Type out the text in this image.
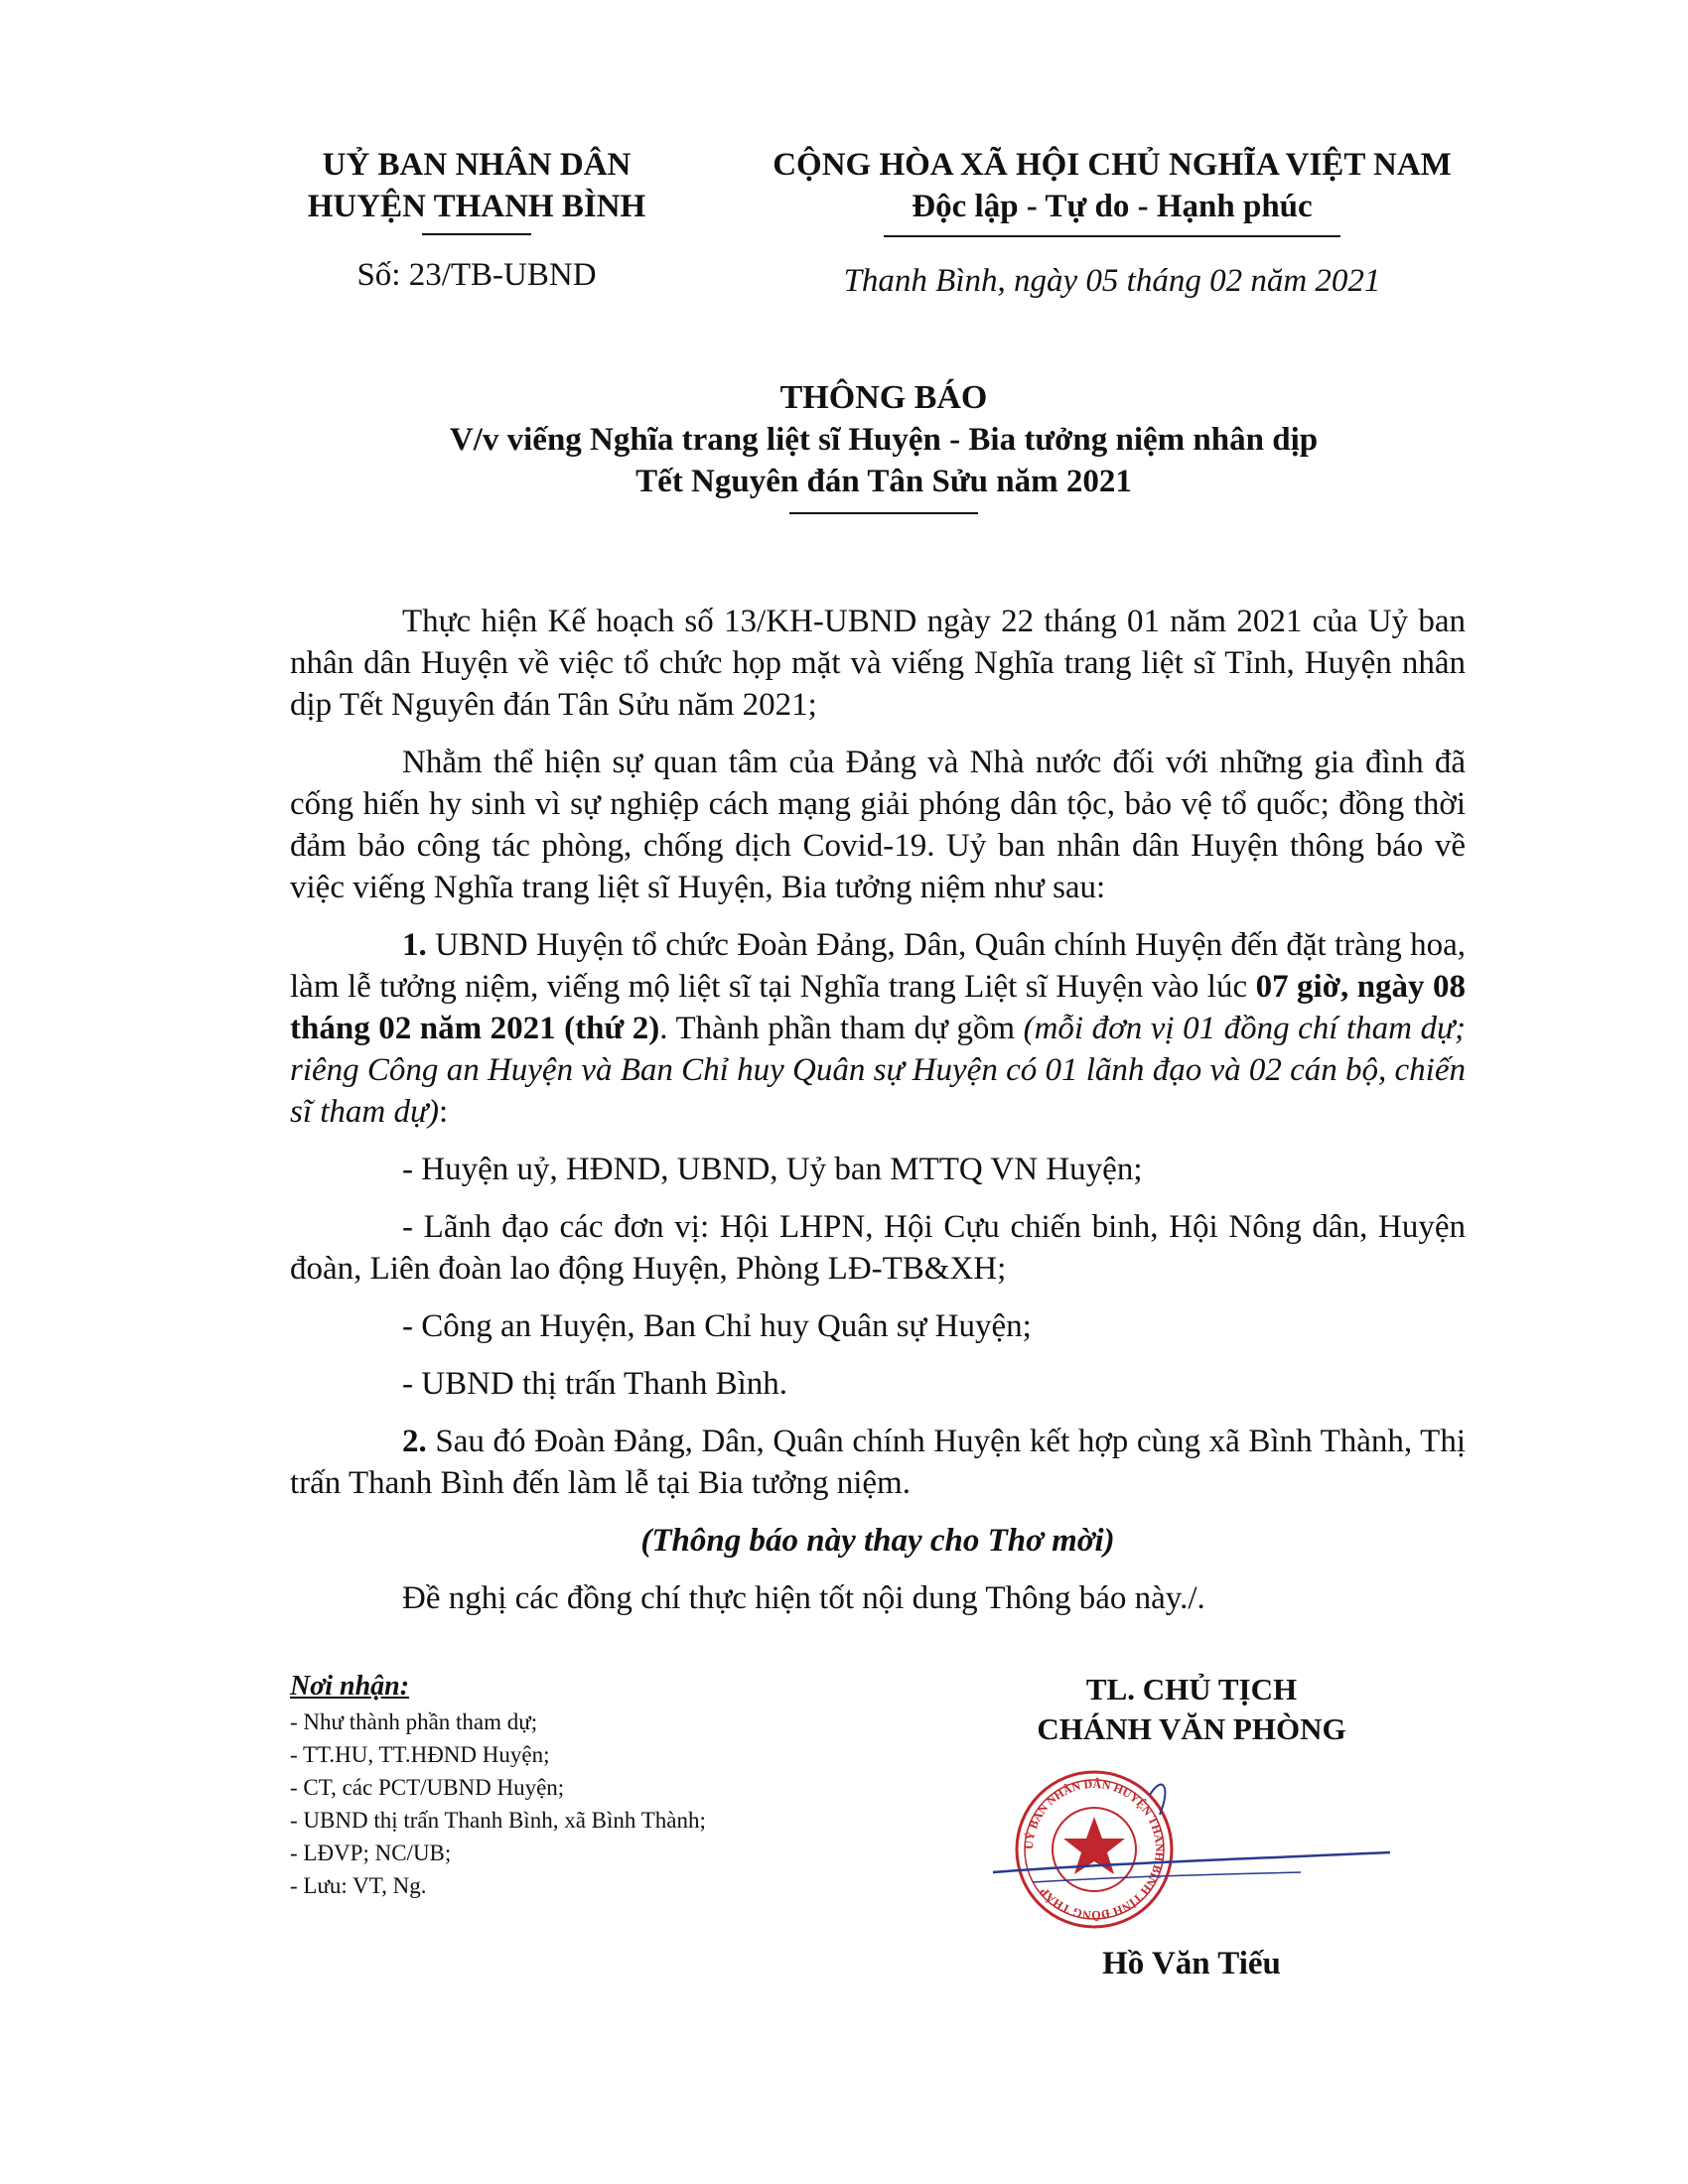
UỶ BAN NHÂN DÂN
HUYỆN THANH BÌNH
Số: 23/TB-UBND
CỘNG HÒA XÃ HỘI CHỦ NGHĨA VIỆT NAM
Độc lập - Tự do - Hạnh phúc
Thanh Bình, ngày 05 tháng 02 năm 2021
THÔNG BÁO
V/v viếng Nghĩa trang liệt sĩ Huyện - Bia tưởng niệm nhân dịp
Tết Nguyên đán Tân Sửu năm 2021

Thực hiện Kế hoạch số 13/KH-UBND ngày 22 tháng 01 năm 2021 của Uỷ ban nhân dân Huyện về việc tổ chức họp mặt và viếng Nghĩa trang liệt sĩ Tỉnh, Huyện nhân dịp Tết Nguyên đán Tân Sửu năm 2021;

Nhằm thể hiện sự quan tâm của Đảng và Nhà nước đối với những gia đình đã cống hiến hy sinh vì sự nghiệp cách mạng giải phóng dân tộc, bảo vệ tổ quốc; đồng thời đảm bảo công tác phòng, chống dịch Covid-19. Uỷ ban nhân dân Huyện thông báo về việc viếng Nghĩa trang liệt sĩ Huyện, Bia tưởng niệm như sau:

1. UBND Huyện tổ chức Đoàn Đảng, Dân, Quân chính Huyện đến đặt tràng hoa, làm lễ tưởng niệm, viếng mộ liệt sĩ tại Nghĩa trang Liệt sĩ Huyện vào lúc 07 giờ, ngày 08 tháng 02 năm 2021 (thứ 2). Thành phần tham dự gồm (mỗi đơn vị 01 đồng chí tham dự; riêng Công an Huyện và Ban Chỉ huy Quân sự Huyện có 01 lãnh đạo và 02 cán bộ, chiến sĩ tham dự):

- Huyện uỷ, HĐND, UBND, Uỷ ban MTTQ VN Huyện;

- Lãnh đạo các đơn vị: Hội LHPN, Hội Cựu chiến binh, Hội Nông dân, Huyện đoàn, Liên đoàn lao động Huyện, Phòng LĐ-TB&XH;

- Công an Huyện, Ban Chỉ huy Quân sự Huyện;

- UBND thị trấn Thanh Bình.

2. Sau đó Đoàn Đảng, Dân, Quân chính Huyện kết hợp cùng xã Bình Thành, Thị trấn Thanh Bình đến làm lễ tại Bia tưởng niệm.

(Thông báo này thay cho Thơ mời)

Đề nghị các đồng chí thực hiện tốt nội dung Thông báo này./.

Nơi nhận:
- Như thành phần tham dự;
- TT.HU, TT.HĐND Huyện;
- CT, các PCT/UBND Huyện;
- UBND thị trấn Thanh Bình, xã Bình Thành;
- LĐVP; NC/UB;
- Lưu: VT, Ng.
TL. CHỦ TỊCH
CHÁNH VĂN PHÒNG
UỶ BAN NHÂN DÂN HUYỆN THANH BÌNH TỈNH ĐỒNG THÁP
Hồ Văn Tiếu
